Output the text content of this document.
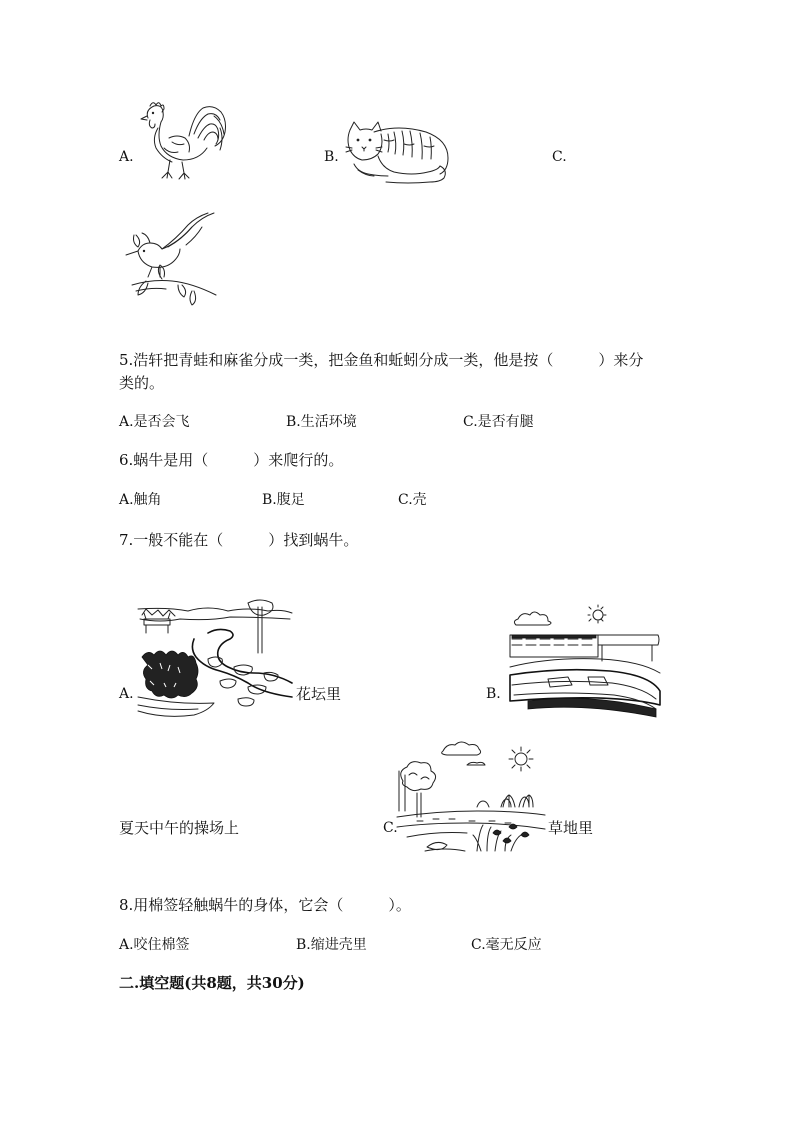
A.	B.	C.
5.浩轩把青蛙和麻雀分成一类，把金鱼和蚯蚓分成一类，他是按（　　　）来分
类的。
A.是否会飞	B.生活环境	C.是否有腿
6.蜗牛是用（　　　）来爬行的。
A.触角	B.腹足	C.壳
7.一般不能在（　　　）找到蜗牛。
A.	花坛里	B.
夏天中午的操场上	C.	草地里
8.用棉签轻触蜗牛的身体，它会（　　　）。
A.咬住棉签	B.缩进壳里	C.毫无反应
二.填空题(共8题，共30分)
